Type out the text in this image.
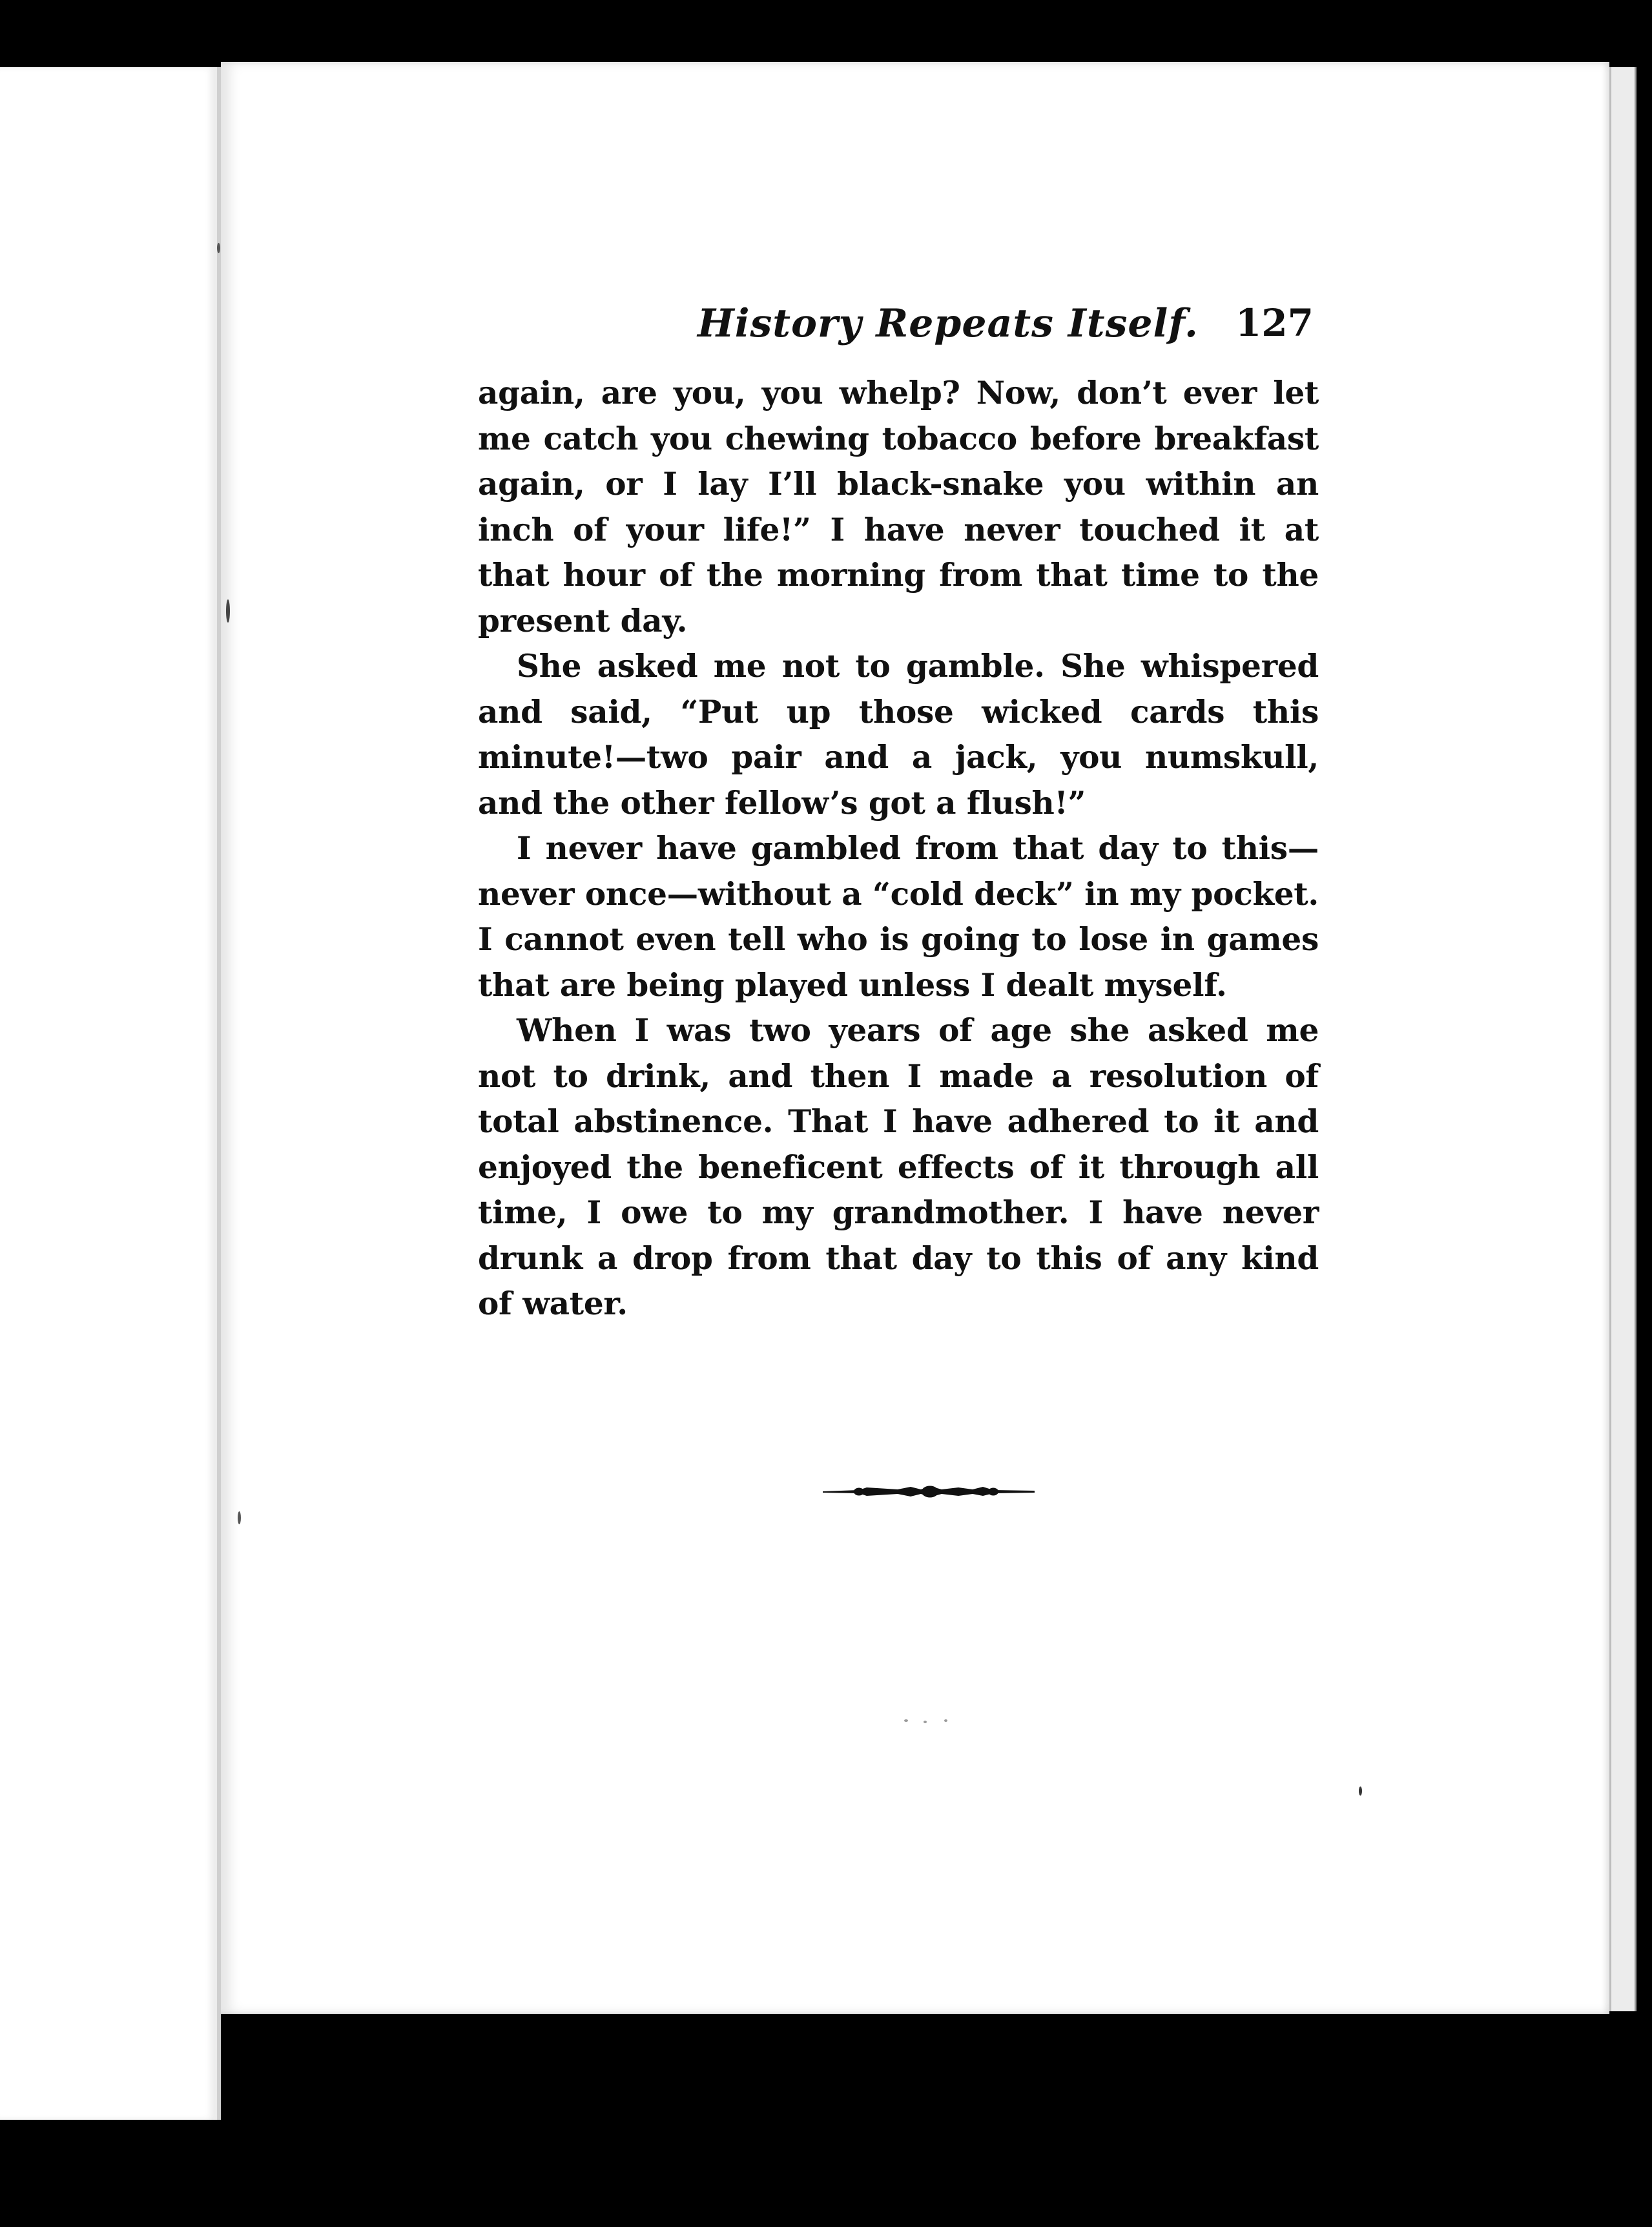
History Repeats Itself. 127

again, are you, you whelp? Now, don’t ever let me catch you chewing tobacco before breakfast again, or I lay I’ll black-snake you within an inch of your life!” I have never touched it at that hour of the morning from that time to the present day.

She asked me not to gamble. She whispered and said, “Put up those wicked cards this minute!—two pair and a jack, you numskull, and the other fellow’s got a flush!”

I never have gambled from that day to this—never once—without a “cold deck” in my pocket. I cannot even tell who is going to lose in games that are being played unless I dealt myself.

When I was two years of age she asked me not to drink, and then I made a resolution of total abstinence. That I have adhered to it and enjoyed the beneficent effects of it through all time, I owe to my grandmother. I have never drunk a drop from that day to this of any kind of water.
